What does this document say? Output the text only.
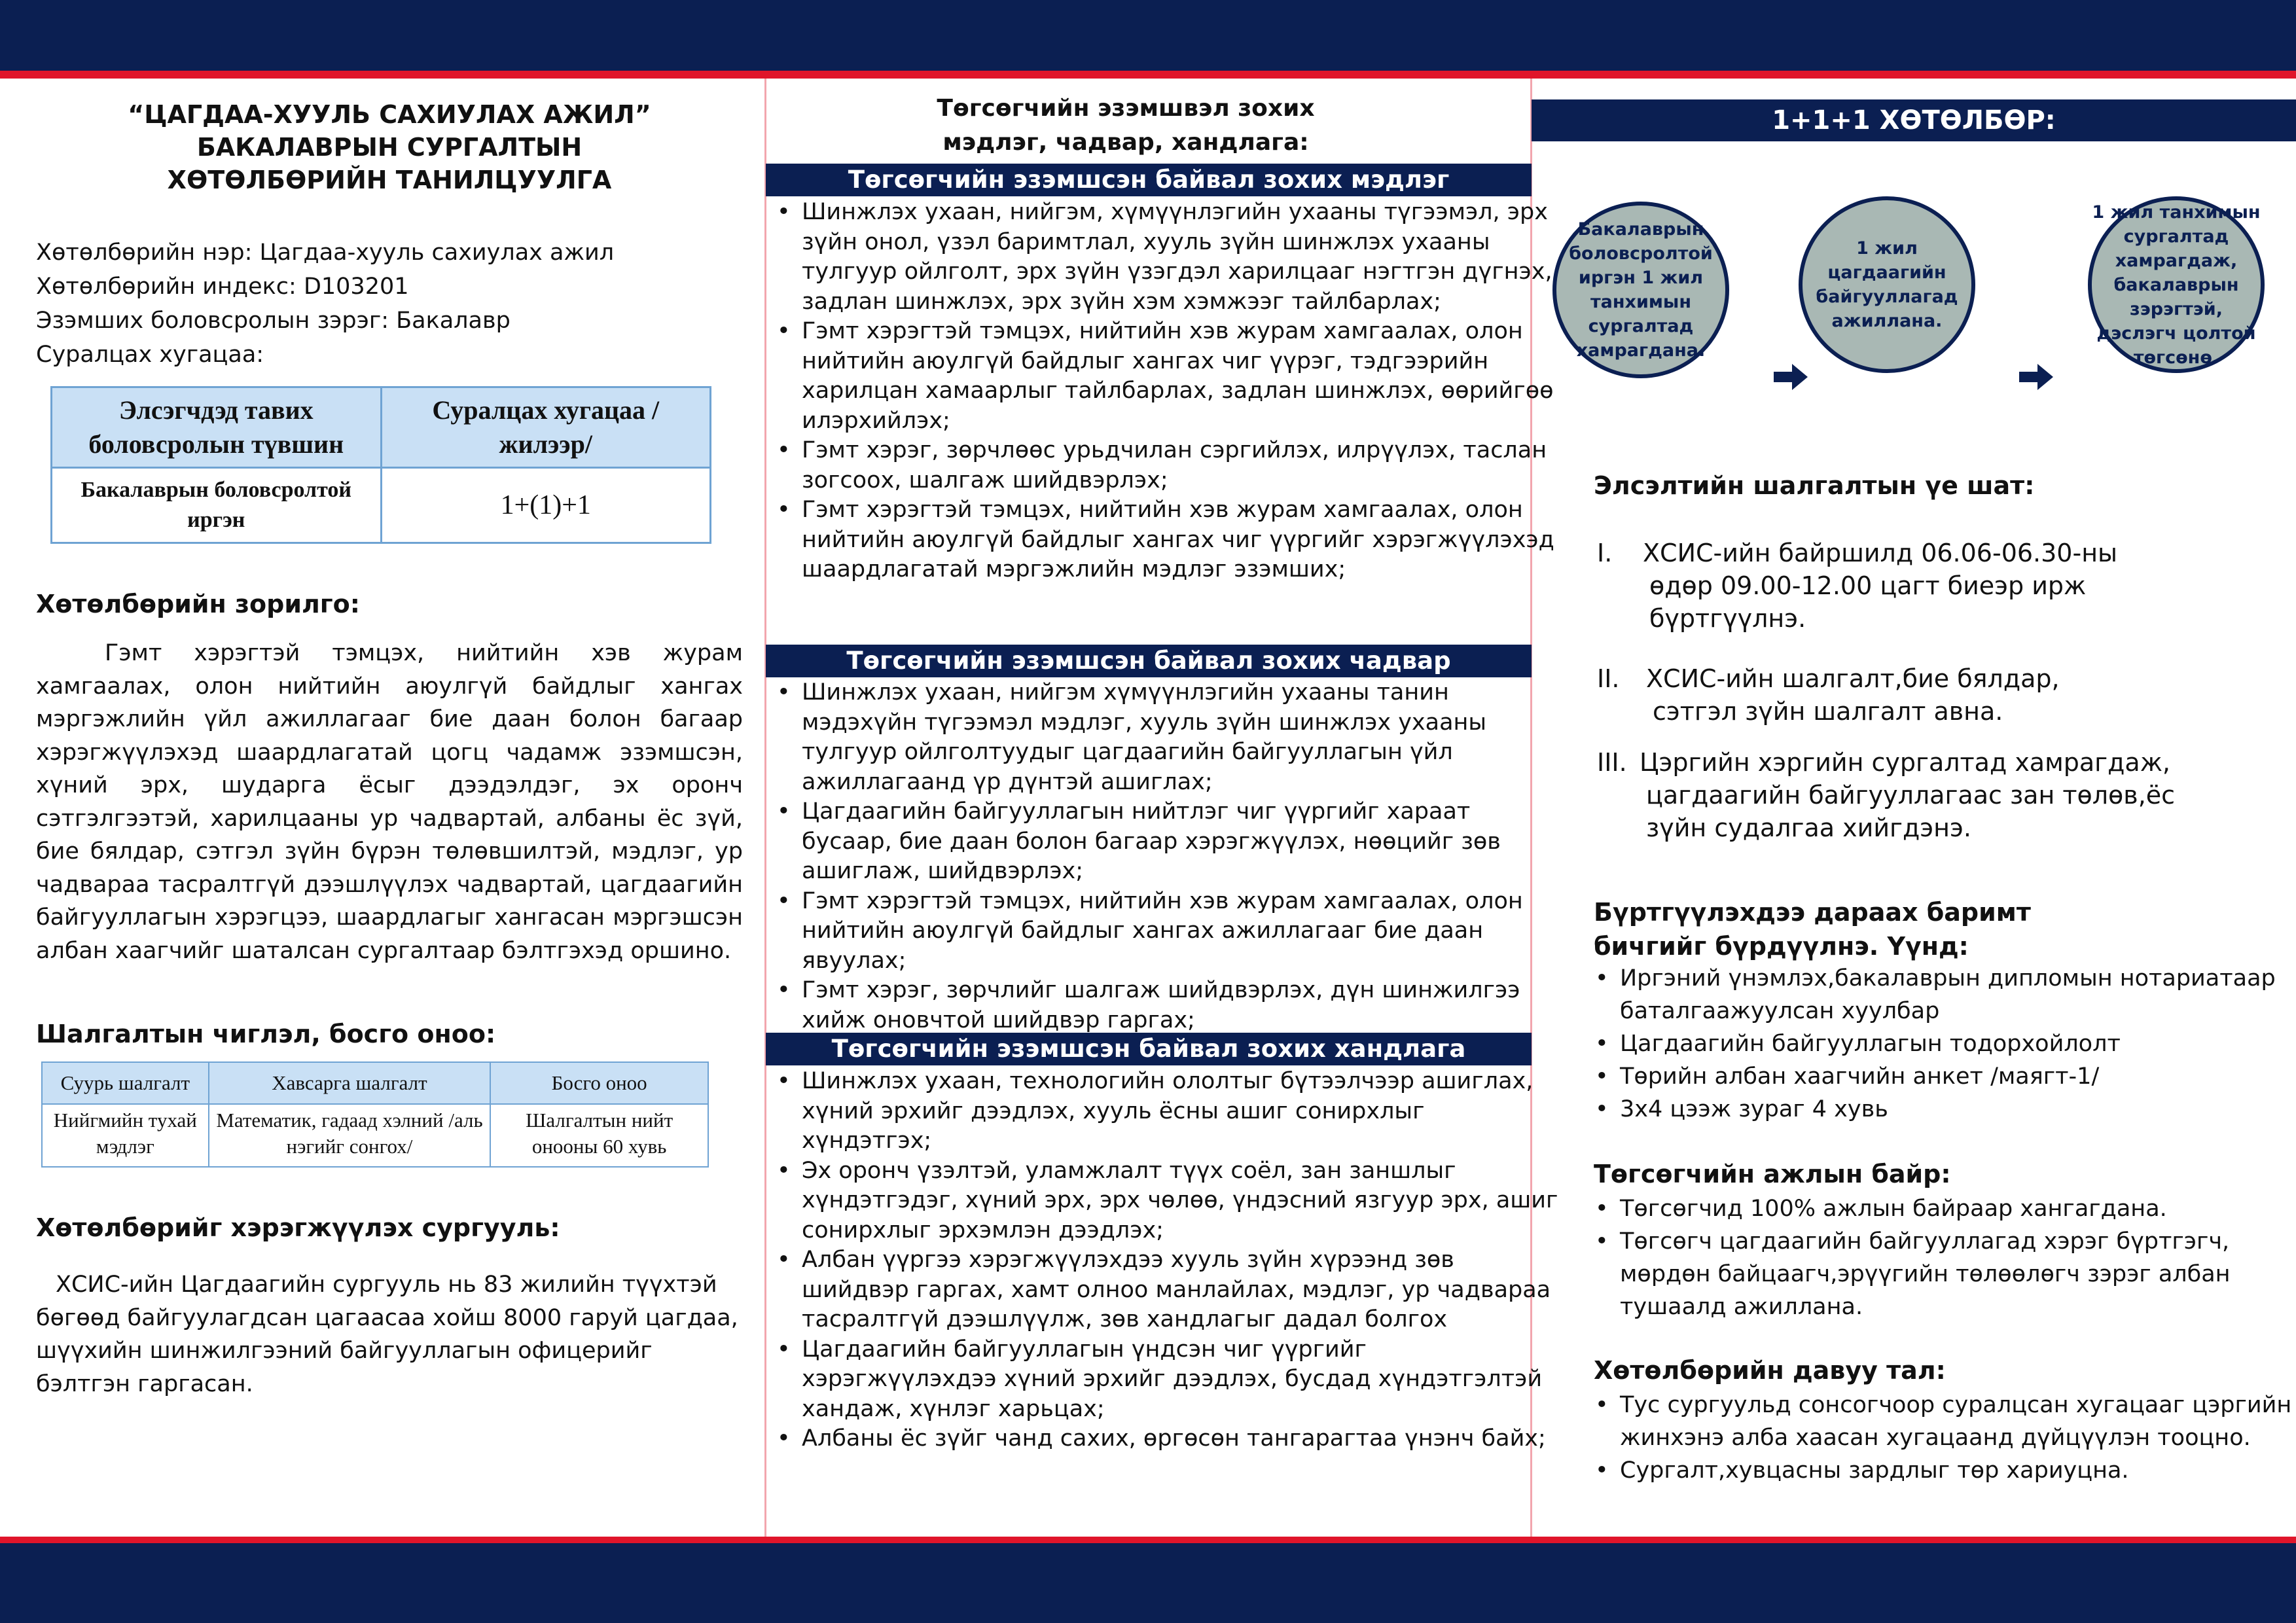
“ЦАГДАА-ХУУЛЬ САХИУЛАХ АЖИЛ”
БАКАЛАВРЫН СУРГАЛТЫН
ХӨТӨЛБӨРИЙН ТАНИЛЦУУЛГА
Хөтөлбөрийн нэр: Цагдаа-хууль сахиулах ажил
Хөтөлбөрийн индекс: D103201
Эзэмших боловсролын зэрэг: Бакалавр
Суралцах хугацаа:
Элсэгчдэд тавих боловсролын түвшин	Суралцах хугацаа /жилээр/
Бакалаврын боловсролтой иргэн	1+(1)+1
Хөтөлбөрийн зорилго:
Гэмт хэрэгтэй тэмцэх, нийтийн хэв журам хамгаалах, олон нийтийн аюулгүй байдлыг хангах мэргэжлийн үйл ажиллагааг бие даан болон багаар хэрэгжүүлэхэд шаардлагатай цогц чадамж эзэмшсэн, хүний эрх, шударга ёсыг дээдэлдэг, эх оронч сэтгэлгээтэй, харилцааны ур чадвартай, албаны ёс зүй, бие бялдар, сэтгэл зүйн бүрэн төлөвшилтэй, мэдлэг, ур чадвараа тасралтгүй дээшлүүлэх чадвартай, цагдаагийн байгууллагын хэрэгцээ, шаардлагыг хангасан мэргэшсэн албан хаагчийг шаталсан сургалтаар бэлтгэхэд оршино.
Шалгалтын чиглэл, босго оноо:
Суурь шалгалт	Хавсарга шалгалт	Босго оноо
Нийгмийн тухай мэдлэг	Математик, гадаад хэлний /аль нэгийг сонгох/	Шалгалтын нийт онооны 60 хувь
Хөтөлбөрийг хэрэгжүүлэх сургууль:
ХСИС-ийн Цагдаагийн сургууль нь 83 жилийн түүхтэй бөгөөд байгуулагдсан цагаасаа хойш 8000 гаруй цагдаа, шүүхийн шинжилгээний байгууллагын офицерийг бэлтгэн гаргасан.
Төгсөгчийн эзэмшвэл зохих
мэдлэг, чадвар, хандлага:
Төгсөгчийн эзэмшсэн байвал зохих мэдлэг
• Шинжлэх ухаан, нийгэм, хүмүүнлэгийн ухааны түгээмэл, эрх зүйн онол, үзэл баримтлал, хууль зүйн шинжлэх ухааны тулгуур ойлголт, эрх зүйн үзэгдэл харилцааг нэгтгэн дүгнэх, задлан шинжлэх, эрх зүйн хэм хэмжээг тайлбарлах;
• Гэмт хэрэгтэй тэмцэх, нийтийн хэв журам хамгаалах, олон нийтийн аюулгүй байдлыг хангах чиг үүрэг, тэдгээрийн харилцан хамаарлыг тайлбарлах, задлан шинжлэх, өөрийгөө илэрхийлэх;
• Гэмт хэрэг, зөрчлөөс урьдчилан сэргийлэх, илрүүлэх, таслан зогсоох, шалгаж шийдвэрлэх;
• Гэмт хэрэгтэй тэмцэх, нийтийн хэв журам хамгаалах, олон нийтийн аюулгүй байдлыг хангах чиг үүргийг хэрэгжүүлэхэд шаардлагатай мэргэжлийн мэдлэг эзэмших;
Төгсөгчийн эзэмшсэн байвал зохих чадвар
• Шинжлэх ухаан, нийгэм хүмүүнлэгийн ухааны танин мэдэхүйн түгээмэл мэдлэг, хууль зүйн шинжлэх ухааны тулгуур ойлголтуудыг цагдаагийн байгууллагын үйл ажиллагаанд үр дүнтэй ашиглах;
• Цагдаагийн байгууллагын нийтлэг чиг үүргийг хараат бусаар, бие даан болон багаар хэрэгжүүлэх, нөөцийг зөв ашиглаж, шийдвэрлэх;
• Гэмт хэрэгтэй тэмцэх, нийтийн хэв журам хамгаалах, олон нийтийн аюулгүй байдлыг хангах ажиллагааг бие даан явуулах;
• Гэмт хэрэг, зөрчлийг шалгаж шийдвэрлэх, дүн шинжилгээ хийж оновчтой шийдвэр гаргах;
Төгсөгчийн эзэмшсэн байвал зохих хандлага
• Шинжлэх ухаан, технологийн ололтыг бүтээлчээр ашиглах, хүний эрхийг дээдлэх, хууль ёсны ашиг сонирхлыг хүндэтгэх;
• Эх оронч үзэлтэй, уламжлалт түүх соёл, зан заншлыг хүндэтгэдэг, хүний эрх, эрх чөлөө, үндэсний язгуур эрх, ашиг сонирхлыг эрхэмлэн дээдлэх;
• Албан үүргээ хэрэгжүүлэхдээ хууль зүйн хүрээнд зөв шийдвэр гаргах, хамт олноо манлайлах, мэдлэг, ур чадвараа тасралтгүй дээшлүүлж, зөв хандлагыг дадал болгох
• Цагдаагийн байгууллагын үндсэн чиг үүргийг хэрэгжүүлэхдээ хүний эрхийг дээдлэх, бусдад хүндэтгэлтэй хандаж, хүнлэг харьцах;
• Албаны ёс зүйг чанд сахих, өргөсөн тангарагтаа үнэнч байх;
1+1+1 ХӨТӨЛБӨР:
Бакалаврын боловсролтой иргэн 1 жил танхимын сургалтад хамрагдана.
1 жил цагдаагийн байгууллагад ажиллана.
1 жил танхимын сургалтад хамрагдаж, бакалаврын зэрэгтэй, дэслэгч цолтой төгсөнө.
Элсэлтийн шалгалтын үе шат:
I. ХСИС-ийн байршилд 06.06-06.30-ны
өдөр 09.00-12.00 цагт биеэр ирж
бүртгүүлнэ.
II. ХСИС-ийн шалгалт,бие бялдар,
сэтгэл зүйн шалгалт авна.
III. Цэргийн хэргийн сургалтад хамрагдаж,
цагдаагийн байгууллагаас зан төлөв,ёс
зүйн судалгаа хийгдэнэ.
Бүртгүүлэхдээ дараах баримт
бичгийг бүрдүүлнэ. Үүнд:
• Иргэний үнэмлэх,бакалаврын дипломын нотариатаар баталгаажуулсан хуулбар
• Цагдаагийн байгууллагын тодорхойлолт
• Төрийн албан хаагчийн анкет /маягт-1/
• 3х4 цээж зураг 4 хувь
Төгсөгчийн ажлын байр:
• Төгсөгчид 100% ажлын байраар хангагдана.
• Төгсөгч цагдаагийн байгууллагад хэрэг бүртгэгч, мөрдөн байцаагч,эрүүгийн төлөөлөгч зэрэг албан тушаалд ажиллана.
Хөтөлбөрийн давуу тал:
• Тус сургуульд сонсогчоор суралцсан хугацааг цэргийн жинхэнэ алба хаасан хугацаанд дүйцүүлэн тооцно.
• Сургалт,хувцасны зардлыг төр хариуцна.
